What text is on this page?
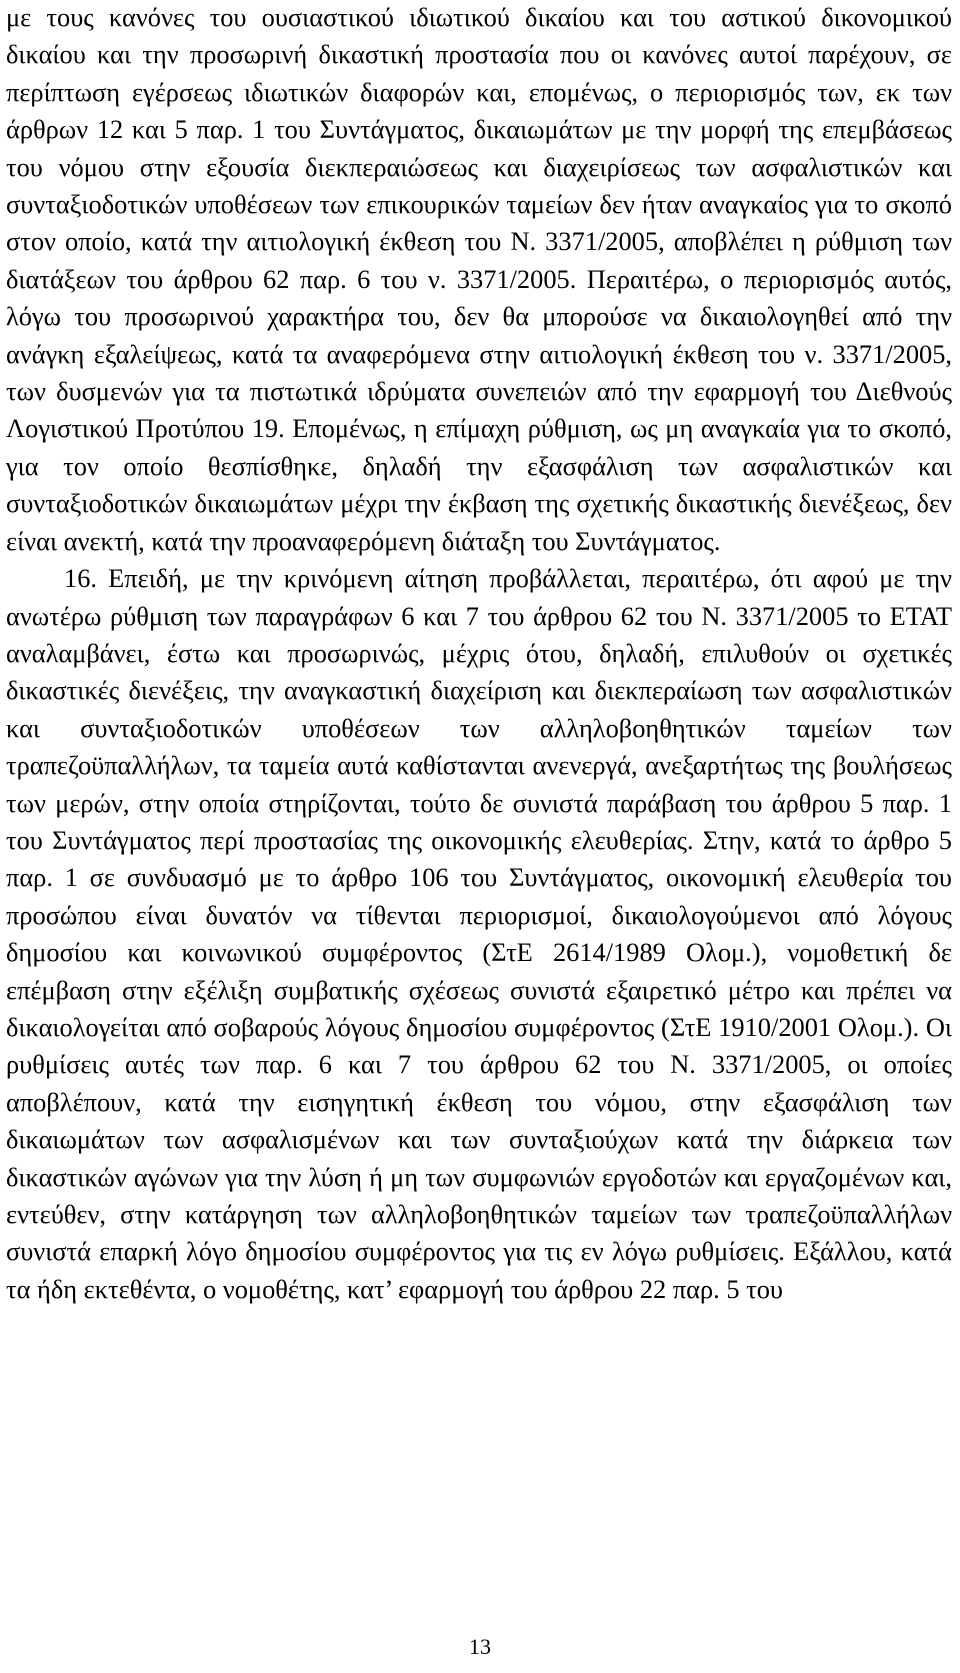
με τους κανόνες του ουσιαστικού ιδιωτικού δικαίου και του αστικού δικονομικού δικαίου και την προσωρινή δικαστική προστασία που οι κανόνες αυτοί παρέχουν, σε περίπτωση εγέρσεως ιδιωτικών διαφορών και, επομένως, ο περιορισμός των, εκ των άρθρων 12 και 5 παρ. 1 του Συντάγματος, δικαιωμάτων με την μορφή της επεμβάσεως του νόμου στην εξουσία διεκπεραιώσεως και διαχειρίσεως των ασφαλιστικών και συνταξιοδοτικών υποθέσεων των επικουρικών ταμείων δεν ήταν αναγκαίος για το σκοπό στον οποίο, κατά την αιτιολογική έκθεση του Ν. 3371/2005, αποβλέπει η ρύθμιση των διατάξεων του άρθρου 62 παρ. 6 του ν. 3371/2005. Περαιτέρω, ο περιορισμός αυτός, λόγω του προσωρινού χαρακτήρα του, δεν θα μπορούσε να δικαιολογηθεί από την ανάγκη εξαλείψεως, κατά τα αναφερόμενα στην αιτιολογική έκθεση του ν. 3371/2005, των δυσμενών για τα πιστωτικά ιδρύματα συνεπειών από την εφαρμογή του Διεθνούς Λογιστικού Προτύπου 19. Επομένως, η επίμαχη ρύθμιση, ως μη αναγκαία για το σκοπό, για τον οποίο θεσπίσθηκε, δηλαδή την εξασφάλιση των ασφαλιστικών και συνταξιοδοτικών δικαιωμάτων μέχρι την έκβαση της σχετικής δικαστικής διενέξεως, δεν είναι ανεκτή, κατά την προαναφερόμενη διάταξη του Συντάγματος.

16. Επειδή, με την κρινόμενη αίτηση προβάλλεται, περαιτέρω, ότι αφού με την ανωτέρω ρύθμιση των παραγράφων 6 και 7 του άρθρου 62 του Ν. 3371/2005 το ΕΤΑΤ αναλαμβάνει, έστω και προσωρινώς, μέχρις ότου, δηλαδή, επιλυθούν οι σχετικές δικαστικές διενέξεις, την αναγκαστική διαχείριση και διεκπεραίωση των ασφαλιστικών και συνταξιοδοτικών υποθέσεων των αλληλοβοηθητικών ταμείων των τραπεζοϋπαλλήλων, τα ταμεία αυτά καθίστανται ανενεργά, ανεξαρτήτως της βουλήσεως των μερών, στην οποία στηρίζονται, τούτο δε συνιστά παράβαση του άρθρου 5 παρ. 1 του Συντάγματος περί προστασίας της οικονομικής ελευθερίας. Στην, κατά το άρθρο 5 παρ. 1 σε συνδυασμό με το άρθρο 106 του Συντάγματος, οικονομική ελευθερία του προσώπου είναι δυνατόν να τίθενται περιορισμοί, δικαιολογούμενοι από λόγους δημοσίου και κοινωνικού συμφέροντος (ΣτΕ 2614/1989 Ολομ.), νομοθετική δε επέμβαση στην εξέλιξη συμβατικής σχέσεως συνιστά εξαιρετικό μέτρο και πρέπει να δικαιολογείται από σοβαρούς λόγους δημοσίου συμφέροντος (ΣτΕ 1910/2001 Ολομ.). Οι ρυθμίσεις αυτές των παρ. 6 και 7 του άρθρου 62 του Ν. 3371/2005, οι οποίες αποβλέπουν, κατά την εισηγητική έκθεση του νόμου, στην εξασφάλιση των δικαιωμάτων των ασφαλισμένων και των συνταξιούχων κατά την διάρκεια των δικαστικών αγώνων για την λύση ή μη των συμφωνιών εργοδοτών και εργαζομένων και, εντεύθεν, στην κατάργηση των αλληλοβοηθητικών ταμείων των τραπεζοϋπαλλήλων συνιστά επαρκή λόγο δημοσίου συμφέροντος για τις εν λόγω ρυθμίσεις. Εξάλλου, κατά τα ήδη εκτεθέντα, ο νομοθέτης, κατ’ εφαρμογή του άρθρου 22 παρ. 5 του

13
